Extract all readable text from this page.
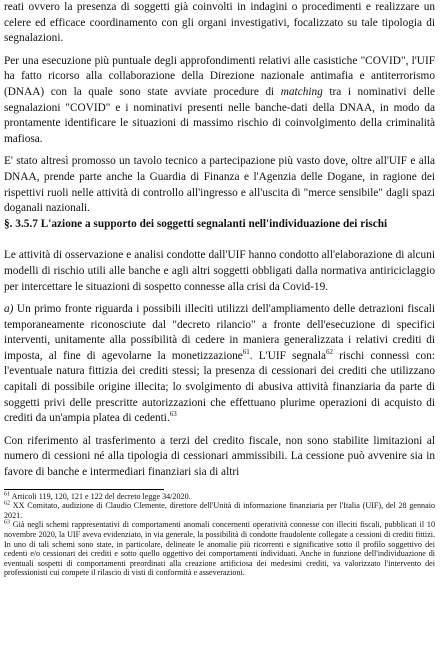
reati ovvero la presenza di soggetti già coinvolti in indagini o procedimenti e realizzare un celere ed efficace coordinamento con gli organi investigativi, focalizzato su tale tipologia di segnalazioni.

Per una esecuzione più puntuale degli approfondimenti relativi alle casistiche "COVID", l'UIF ha fatto ricorso alla collaborazione della Direzione nazionale antimafia e antiterrorismo (DNAA) con la quale sono state avviate procedure di matching tra i nominativi delle segnalazioni "COVID" e i nominativi presenti nelle banche-dati della DNAA, in modo da prontamente identificare le situazioni di massimo rischio di coinvolgimento della criminalità mafiosa.

E' stato altresì promosso un tavolo tecnico a partecipazione più vasto dove, oltre all'UIF e alla DNAA, prende parte anche la Guardia di Finanza e l'Agenzia delle Dogane, in ragione dei rispettivi ruoli nelle attività di controllo all'ingresso e all'uscita di "merce sensibile" dagli spazi doganali nazionali.

§. 3.5.7 L'azione a supporto dei soggetti segnalanti nell'individuazione dei rischi

Le attività di osservazione e analisi condotte dall'UIF hanno condotto all'elaborazione di alcuni modelli di rischio utili alle banche e agli altri soggetti obbligati dalla normativa antiriciclaggio per intercettare le situazioni di sospetto connesse alla crisi da Covid-19.

a) Un primo fronte riguarda i possibili illeciti utilizzi dell'ampliamento delle detrazioni fiscali temporaneamente riconosciute dal "decreto rilancio" a fronte dell'esecuzione di specifici interventi, unitamente alla possibilità di cedere in maniera generalizzata i relativi crediti di imposta, al fine di agevolarne la monetizzazione$^{61}$. L'UIF segnala$^{62}$ rischi connessi con: l'eventuale natura fittizia dei crediti stessi; la presenza di cessionari dei crediti che utilizzano capitali di possibile origine illecita; lo svolgimento di abusiva attività finanziaria da parte di soggetti privi delle prescritte autorizzazioni che effettuano plurime operazioni di acquisto di crediti da un'ampia platea di cedenti.$^{63}$

Con riferimento al trasferimento a terzi del credito fiscale, non sono stabilite limitazioni al numero di cessioni né alla tipologia di cessionari ammissibili. La cessione può avvenire sia in favore di banche e intermediari finanziari sia di altri

$^{61}$ Articoli 119, 120, 121 e 122 del decreto legge 34/2020.

$^{62}$ XX Comitato, audizione di Claudio Clemente, direttore dell'Unità di informazione finanziaria per l'Italia (UIF), del 28 gennaio 2021.

$^{63}$ Già negli schemi rappresentativi di comportamenti anomali concernenti operatività connesse con illeciti fiscali, pubblicati il 10 novembre 2020, la UIF aveva evidenziato, in via generale, la possibilità di condotte fraudolente collegate a cessioni di crediti fittizi. In uno di tali schemi sono state, in particolare, delineate le anomalie più ricorrenti e significative sotto il profilo soggettivo dei cedenti e/o cessionari dei crediti e sotto quello oggettivo dei comportamenti individuati. Anche in funzione dell'individuazione di eventuali sospetti di comportamenti preordinati alla creazione artificiosa dei medesimi crediti, va valorizzato l'intervento dei professionisti cui compete il rilascio di visti di conformità e asseverazioni.
